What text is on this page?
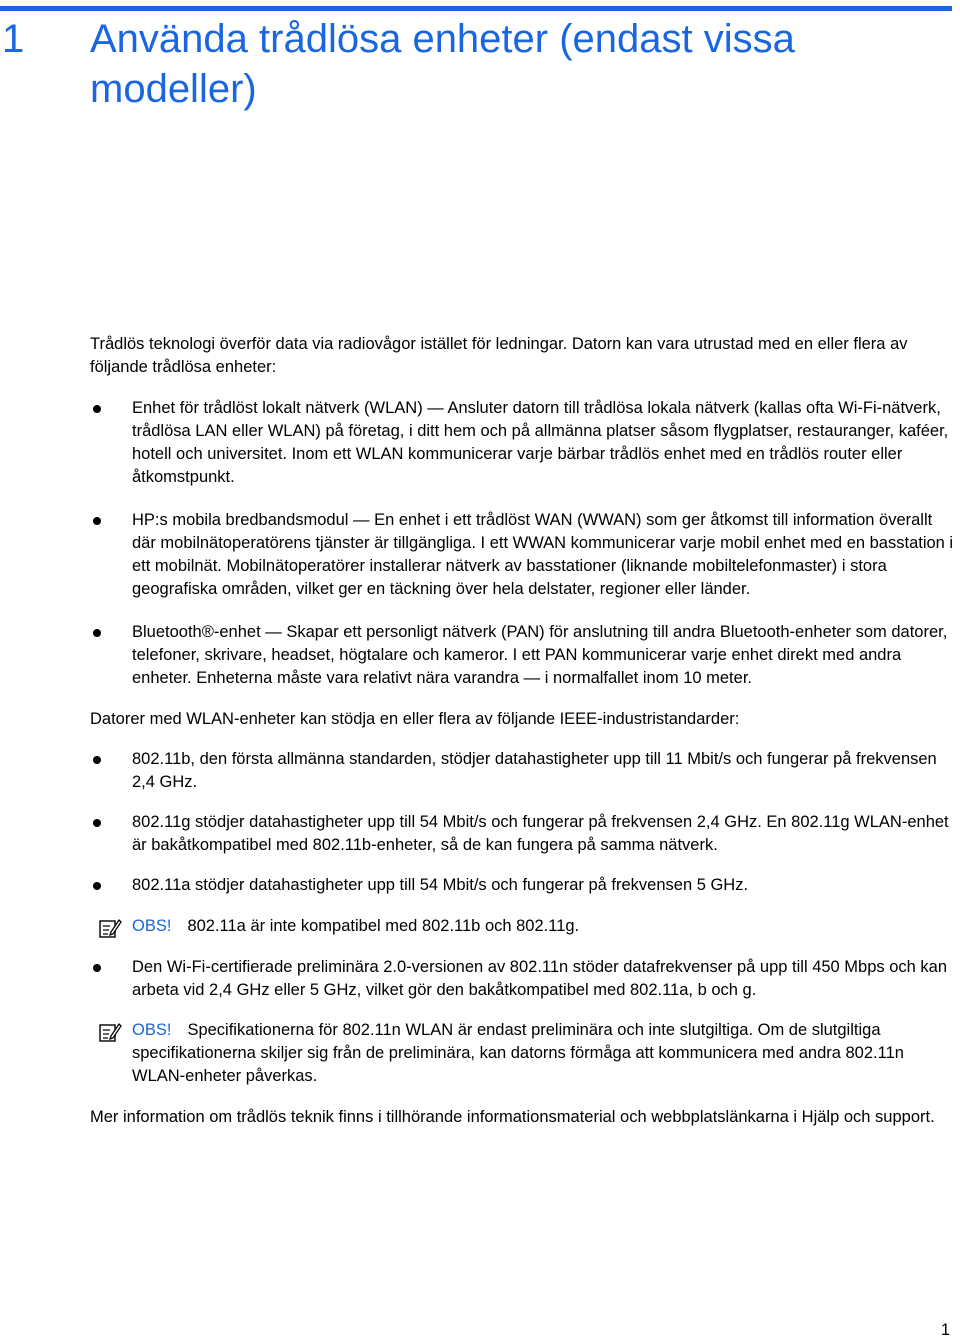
1 Använda trådlösa enheter (endast vissa modeller)

Trådlös teknologi överför data via radiovågor istället för ledningar. Datorn kan vara utrustad med en eller flera av följande trådlösa enheter:

Enhet för trådlöst lokalt nätverk (WLAN) ― Ansluter datorn till trådlösa lokala nätverk (kallas ofta Wi-Fi-nätverk, trådlösa LAN eller WLAN) på företag, i ditt hem och på allmänna platser såsom flygplatser, restauranger, kaféer, hotell och universitet. Inom ett WLAN kommunicerar varje bärbar trådlös enhet med en trådlös router eller åtkomstpunkt.
HP:s mobila bredbandsmodul ― En enhet i ett trådlöst WAN (WWAN) som ger åtkomst till information överallt där mobilnätoperatörens tjänster är tillgängliga. I ett WWAN kommunicerar varje mobil enhet med en basstation i ett mobilnät. Mobilnätoperatörer installerar nätverk av basstationer (liknande mobiltelefonmaster) i stora geografiska områden, vilket ger en täckning över hela delstater, regioner eller länder.
Bluetooth®-enhet ― Skapar ett personligt nätverk (PAN) för anslutning till andra Bluetooth-enheter som datorer, telefoner, skrivare, headset, högtalare och kameror. I ett PAN kommunicerar varje enhet direkt med andra enheter. Enheterna måste vara relativt nära varandra ― i normalfallet inom 10 meter.

Datorer med WLAN-enheter kan stödja en eller flera av följande IEEE-industristandarder:

802.11b, den första allmänna standarden, stödjer datahastigheter upp till 11 Mbit/s och fungerar på frekvensen 2,4 GHz.
802.11g stödjer datahastigheter upp till 54 Mbit/s och fungerar på frekvensen 2,4 GHz. En 802.11g WLAN-enhet är bakåtkompatibel med 802.11b-enheter, så de kan fungera på samma nätverk.
802.11a stödjer datahastigheter upp till 54 Mbit/s och fungerar på frekvensen 5 GHz.
OBS! 802.11a är inte kompatibel med 802.11b och 802.11g.
Den Wi-Fi-certifierade preliminära 2.0-versionen av 802.11n stöder datafrekvenser på upp till 450 Mbps och kan arbeta vid 2,4 GHz eller 5 GHz, vilket gör den bakåtkompatibel med 802.11a, b och g.
OBS! Specifikationerna för 802.11n WLAN är endast preliminära och inte slutgiltiga. Om de slutgiltiga specifikationerna skiljer sig från de preliminära, kan datorns förmåga att kommunicera med andra 802.11n WLAN-enheter påverkas.

Mer information om trådlös teknik finns i tillhörande informationsmaterial och webbplatslänkarna i Hjälp och support.

1
